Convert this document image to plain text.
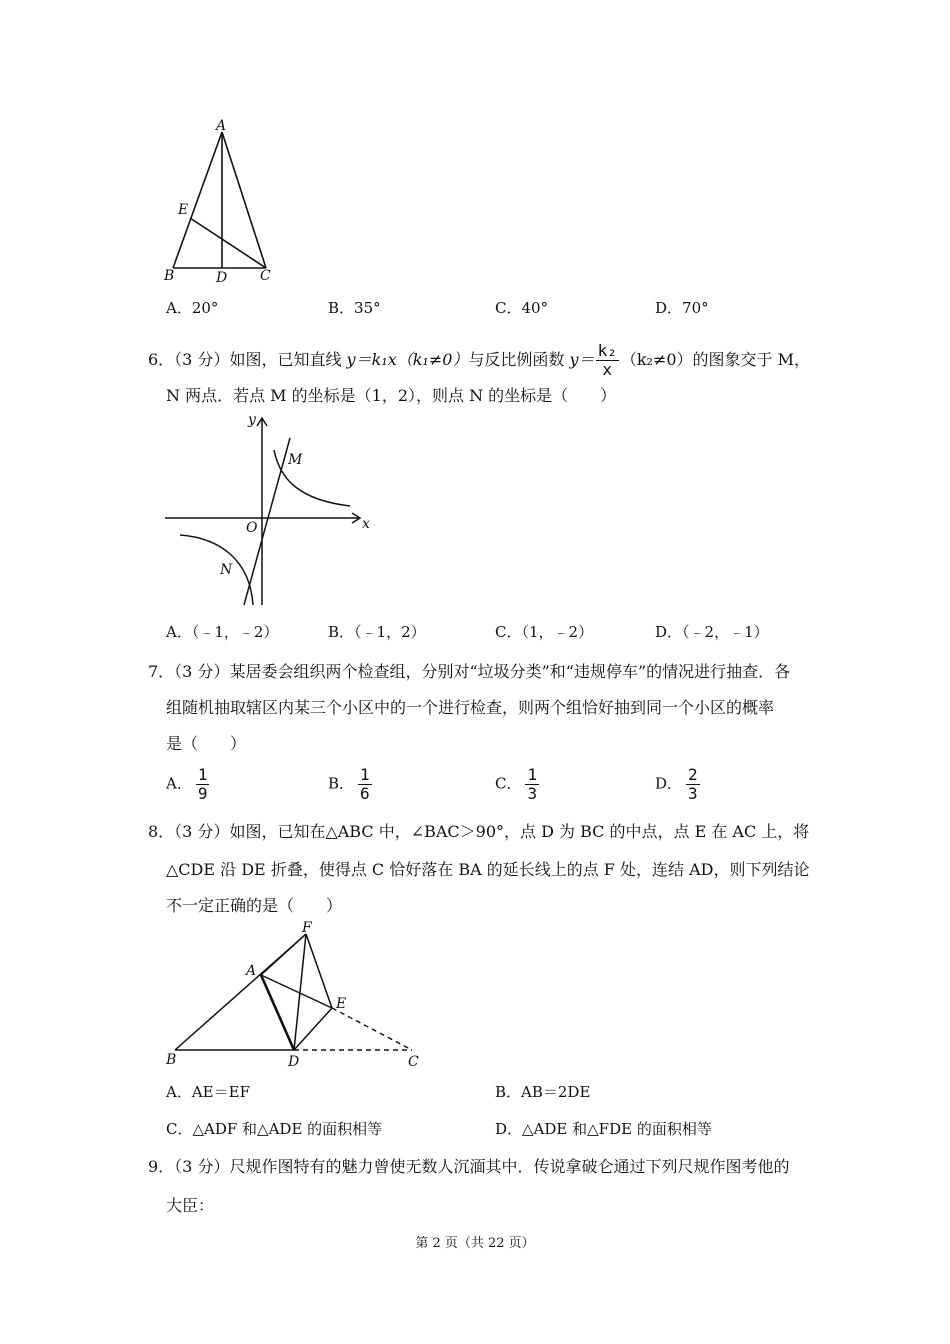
A
E
B	D C
A．20°	B．35°	C．40°	D．70°
6．（3 分）如图，已知直线 y＝k₁x（k₁≠0）与反比例函数 $y= \frac{\text{k₂}}{x} (k_2\ne 0)$的图象交于 M，
N 两点．若点 M 的坐标是（1，2），则点 N 的坐标是（　　）
y
x
O
M
N
A．（﹣1，﹣2）	B．（﹣1，2）	C．（1，﹣2）	D．（﹣2，﹣1）
7．（3 分）某居委会组织两个检查组，分别对“垃圾分类”和“违规停车”的情况进行抽查．各
组随机抽取辖区内某三个小区中的一个进行检查，则两个组恰好抽到同一个小区的概率
是（　　）
A． $\frac{1}{9}$	B． $\frac{1}{6}$	C． $\frac{1}{3}$	D． $\frac{2}{3}$
8．（3 分）如图，已知在△ABC 中，∠BAC＞90°，点 D 为 BC 的中点，点 E 在 AC 上，将
△CDE 沿 DE 折叠，使得点 C 恰好落在 BA 的延长线上的点 F 处，连结 AD，则下列结论
不一定正确的是（　　）
F
A
E
B	D	C
A．AE＝EF	B．AB＝2DE
C．△ADF 和△ADE 的面积相等	D．△ADE 和△FDE 的面积相等
9．（3 分）尺规作图特有的魅力曾使无数人沉湎其中．传说拿破仑通过下列尺规作图考他的
大臣：
第 2 页（共 22 页）
